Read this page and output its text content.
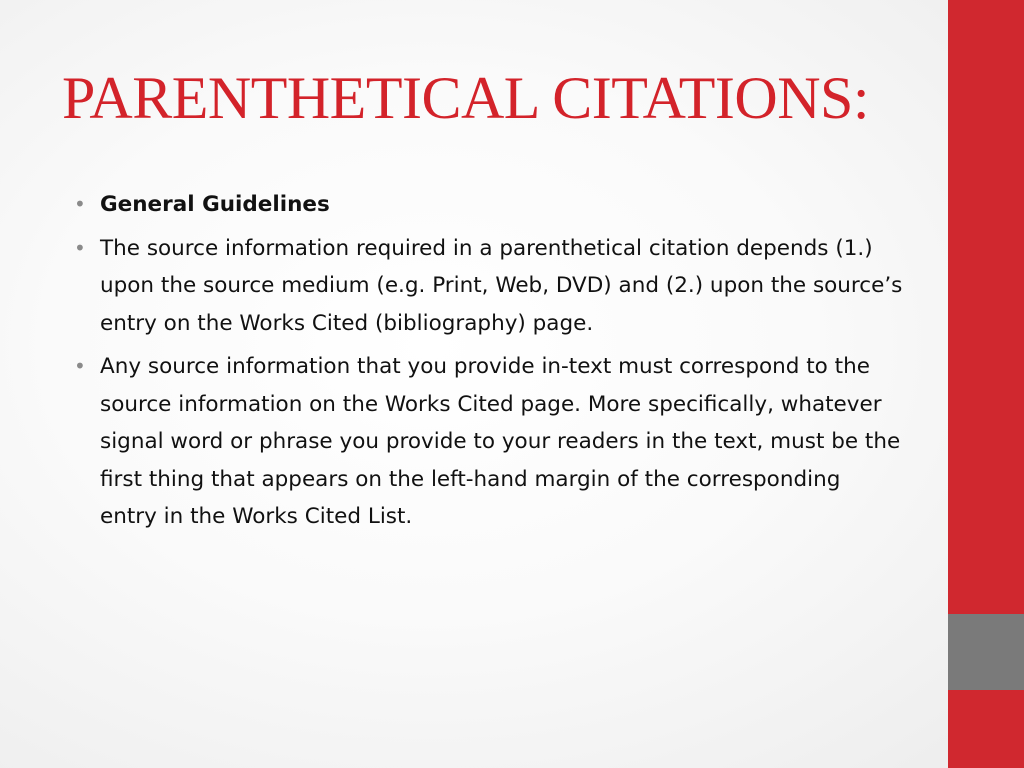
PARENTHETICAL CITATIONS:
• General Guidelines
• The source information required in a parenthetical citation depends (1.) upon the source medium (e.g. Print, Web, DVD) and (2.) upon the source’s entry on the Works Cited (bibliography) page.
• Any source information that you provide in-text must correspond to the source information on the Works Cited page. More specifically, whatever signal word or phrase you provide to your readers in the text, must be the first thing that appears on the left-hand margin of the corresponding entry in the Works Cited List.
